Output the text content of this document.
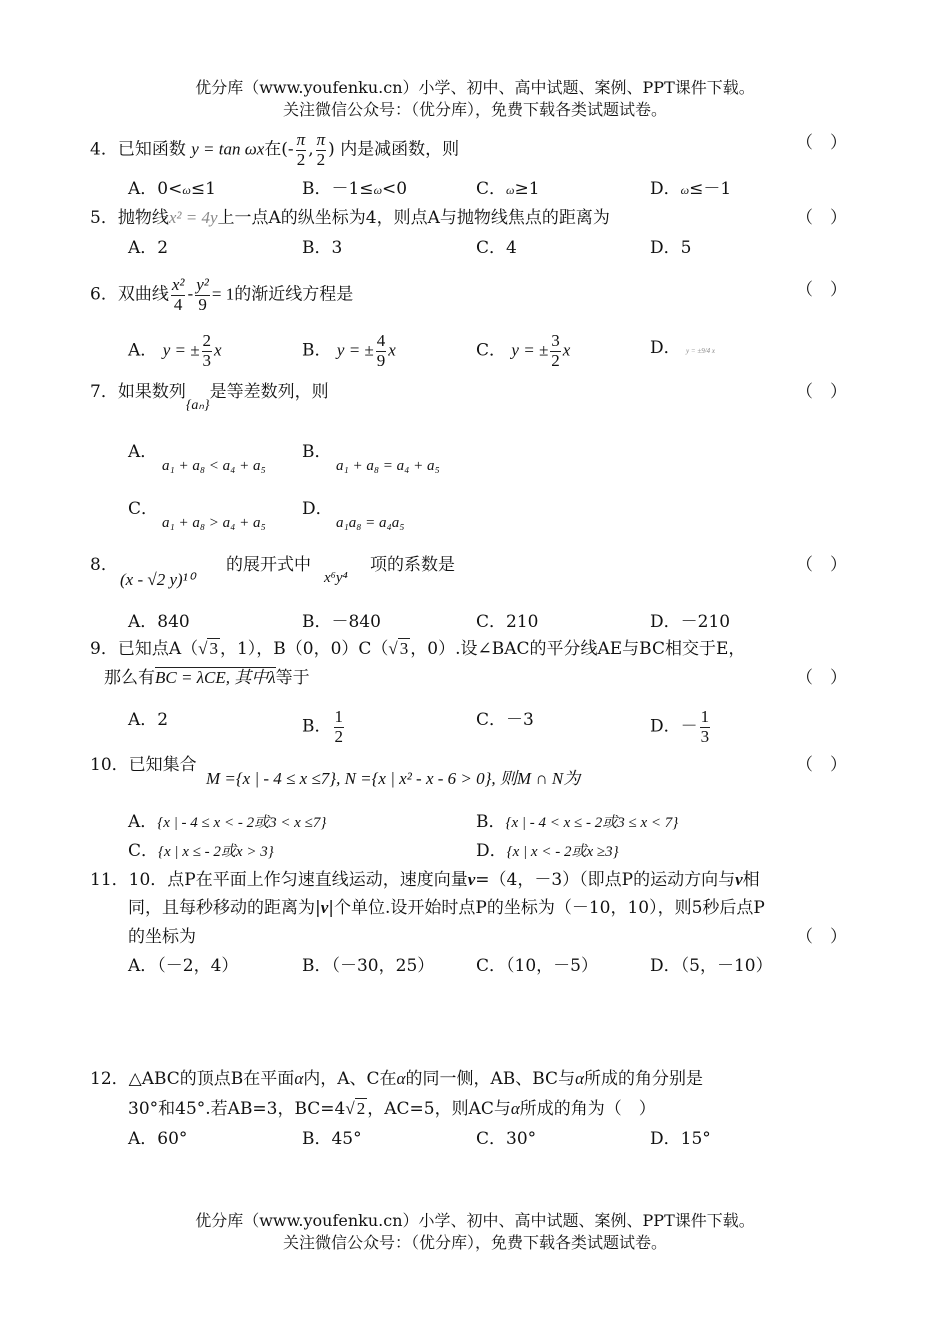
优分库（www.youfenku.cn）小学、初中、高中试题、案例、PPT课件下载。
关注微信公众号：（优分库），免费下载各类试题试卷。
4．已知函数 y = tan ωx在(- $\frac{\pi}{2}$ , $\frac{\pi}{2}$ ) 内是减函数，则	（　）
A．0<ω≤1	B．－1≤ω<0	C．ω≥1	D．ω≤－1
5．抛物线x² = 4y上一点A的纵坐标为4，则点A与抛物线焦点的距离为	（　）
A．2	B．3	C．4	D．5
6．双曲线 $\frac{\text{x²}}{4} - \frac{\text{y²}}{9} = 1$的渐近线方程是	（　）
A． y = ± $\frac{2}{3}$ x	B． y = ± $\frac{4}{9}$ x	C． y = ± $\frac{3}{2}$ x	D． y = ±9/4 x
7．如果数列$_{\{a_n\}}$是等差数列，则	（　）
A．
a₁ + a₈ < a₄ + a₅
B．
a₁ + a₈ = a₄ + a₅
C．
a₁ + a₈ > a₄ + a₅
D．
a₁a₈ = a₄a₅
8．
(x - √2 y)¹⁰
的展开式中
x⁶y⁴
项的系数是	（　）
A．840	B．－840	C．210	D．－210
9．已知点A（√ 3 ，1），B（0，0）C（√ 3 ，0）.设∠BAC的平分线AE与BC相交于E，
那么有BC = λCE, 其中λ等于	（　）
A．2	B． $\frac{1}{2}$	C．－3	D．－ $\frac{1}{3}$
10．已知集合
M ={x | - 4 ≤ x ≤7}, N ={x | x² - x - 6 > 0}, 则M ∩ N为
（　）
A．{x | - 4 ≤ x < - 2或3 < x ≤7}	B．{x | - 4 < x ≤ - 2或3 ≤ x < 7}
C．{x | x ≤ - 2或x > 3}	D．{x | x < - 2或x ≥3}
11．10．点P在平面上作匀速直线运动，速度向量v=（4，－3）（即点P的运动方向与v相
同，且每秒移动的距离为|v|个单位.设开始时点P的坐标为（－10，10），则5秒后点P
的坐标为	（　）
A．（－2，4）	B．（－30，25） C．（10，－5）	D．（5，－10）
12．△ABC的顶点B在平面α内，A、C在α的同一侧，AB、BC与α所成的角分别是
30°和45°.若AB=3，BC=4√ 2 ，AC=5，则AC与α所成的角为（　）
A．60°	B．45°	C．30°	D．15°
优分库（www.youfenku.cn）小学、初中、高中试题、案例、PPT课件下载。
关注微信公众号：（优分库），免费下载各类试题试卷。
